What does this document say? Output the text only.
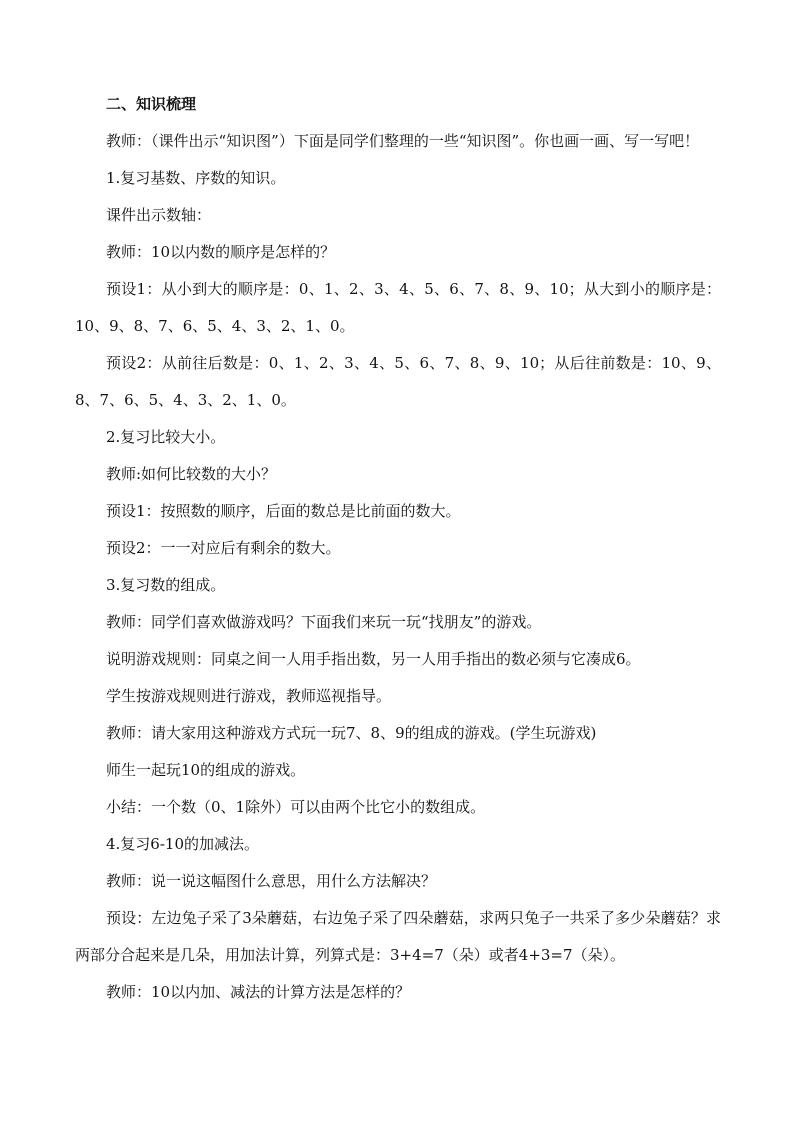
二、知识梳理

教师：（课件出示“知识图”）下面是同学们整理的一些“知识图”。你也画一画、写一写吧！

1.复习基数、序数的知识。

课件出示数轴：

教师：10以内数的顺序是怎样的？

预设1：从小到大的顺序是：0、1、2、3、4、5、6、7、8、9、10；从大到小的顺序是：10、9、8、7、6、5、4、3、2、1、0。

预设2：从前往后数是：0、1、2、3、4、5、6、7、8、9、10；从后往前数是：10、9、8、7、6、5、4、3、2、1、0。

2.复习比较大小。

教师:如何比较数的大小？

预设1：按照数的顺序，后面的数总是比前面的数大。

预设2：一一对应后有剩余的数大。

3.复习数的组成。

教师：同学们喜欢做游戏吗？下面我们来玩一玩“找朋友”的游戏。

说明游戏规则：同桌之间一人用手指出数，另一人用手指出的数必须与它凑成6。

学生按游戏规则进行游戏，教师巡视指导。

教师：请大家用这种游戏方式玩一玩7、8、9的组成的游戏。(学生玩游戏)

师生一起玩10的组成的游戏。

小结：一个数（0、1除外）可以由两个比它小的数组成。

4.复习6-10的加减法。

教师：说一说这幅图什么意思，用什么方法解决？

预设：左边兔子采了3朵蘑菇，右边兔子采了四朵蘑菇，求两只兔子一共采了多少朵蘑菇？求两部分合起来是几朵，用加法计算，列算式是：3+4=7（朵）或者4+3=7（朵）。

教师：10以内加、减法的计算方法是怎样的？
